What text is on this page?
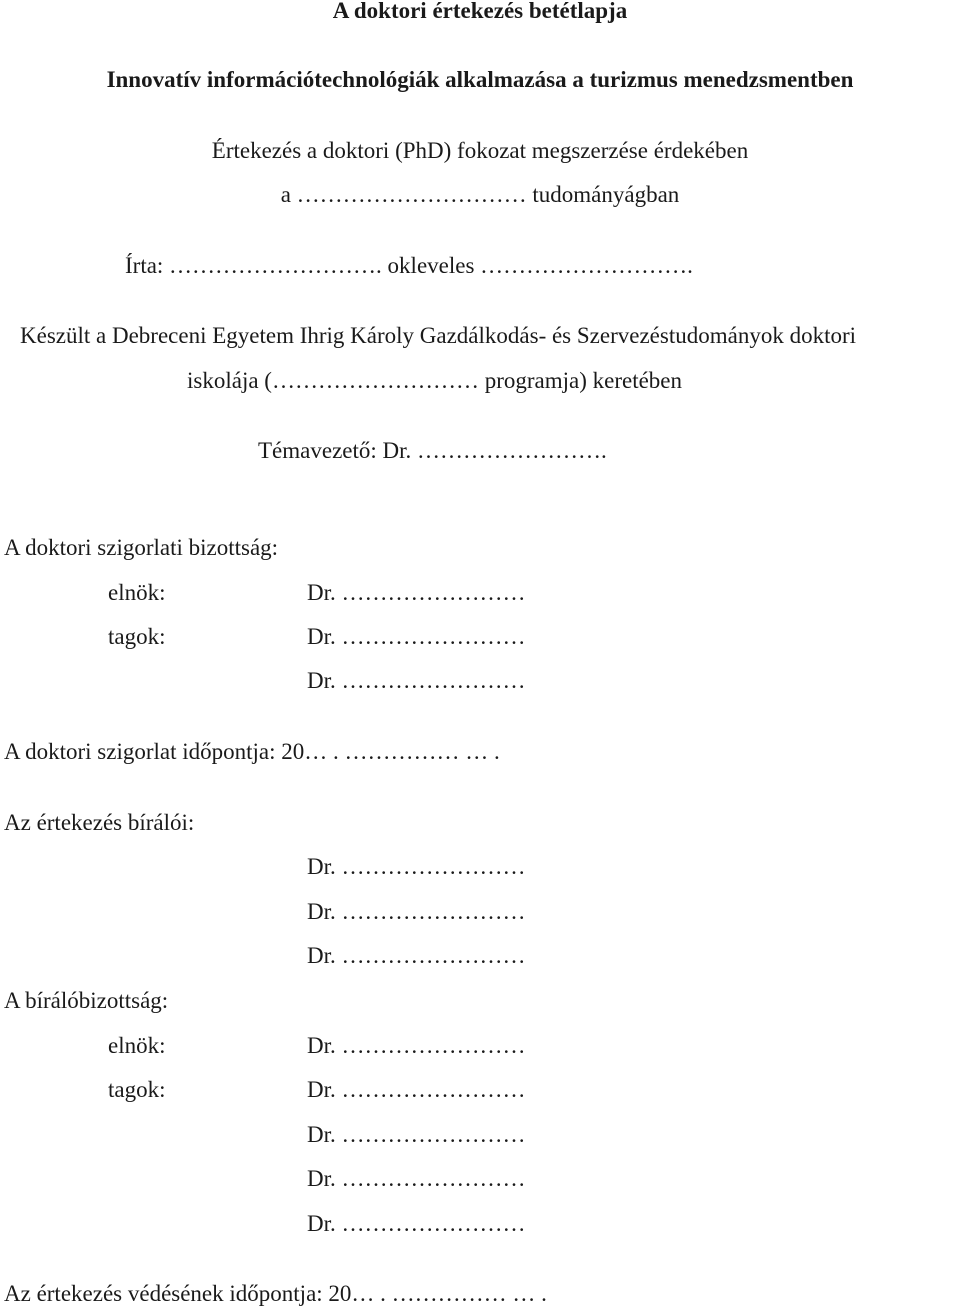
A doktori értekezés betétlapja
Innovatív információtechnológiák alkalmazása a turizmus menedzsmentben
Értekezés a doktori (PhD) fokozat megszerzése érdekében
a ………………………… tudományágban
Írta: ………………………. okleveles ……………………….
Készült a Debreceni Egyetem Ihrig Károly Gazdálkodás- és Szervezéstudományok doktori
iskolája (……………………… programja) keretében
Témavezető: Dr. …………………….
A doktori szigorlati bizottság:
elnök:	Dr. ……………………
tagok:	Dr. ……………………
Dr. ……………………
A doktori szigorlat időpontja: 20… . …………… … .
Az értekezés bírálói:
Dr. ……………………
Dr. ……………………
Dr. ……………………
A bírálóbizottság:
elnök:	Dr. ……………………
tagok:	Dr. ……………………
Dr. ……………………
Dr. ……………………
Dr. ……………………
Az értekezés védésének időpontja: 20… . …………… … .
